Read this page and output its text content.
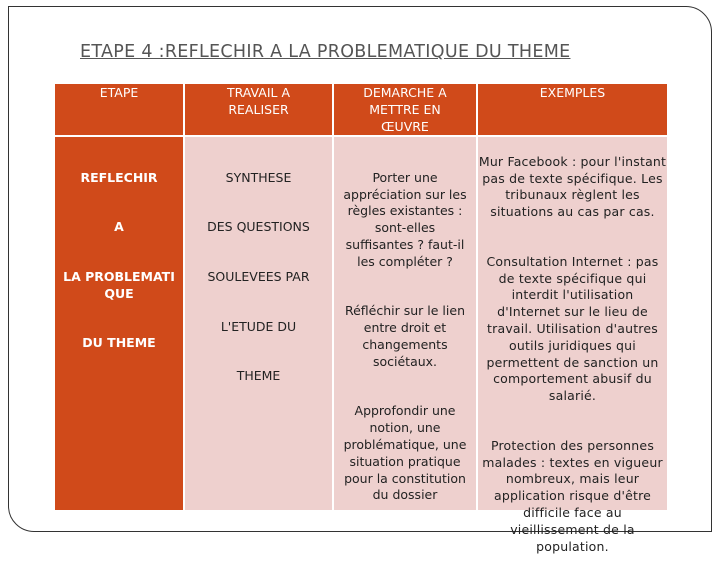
ETAPE 4 :REFLECHIR A LA PROBLEMATIQUE DU THEME
ETAPE	TRAVAIL A
REALISER
DEMARCHE A
METTRE EN
ŒUVRE
EXEMPLES

REFLECHIR

A

LA PROBLEMATI
QUE

DU THEME

SYNTHESE

DES QUESTIONS

SOULEVEES PAR

L'ETUDE DU

THEME

Porter une
appréciation sur les
règles existantes :
sont-elles
suffisantes ? faut-il
les compléter ?

Réfléchir sur le lien
entre droit et
changements
sociétaux.

Approfondir une
notion, une
problématique, une
situation pratique
pour la constitution
du dossier

Mur Facebook : pour l'instant
pas de texte spécifique. Les
tribunaux règlent les
situations au cas par cas.

Consultation Internet : pas
de texte spécifique qui
interdit l'utilisation
d'Internet sur le lieu de
travail. Utilisation d'autres
outils juridiques qui
permettent de sanction un
comportement abusif du
salarié.

Protection des personnes
malades : textes en vigueur
nombreux, mais leur
application risque d'être
difficile face au
vieillissement de la population.
